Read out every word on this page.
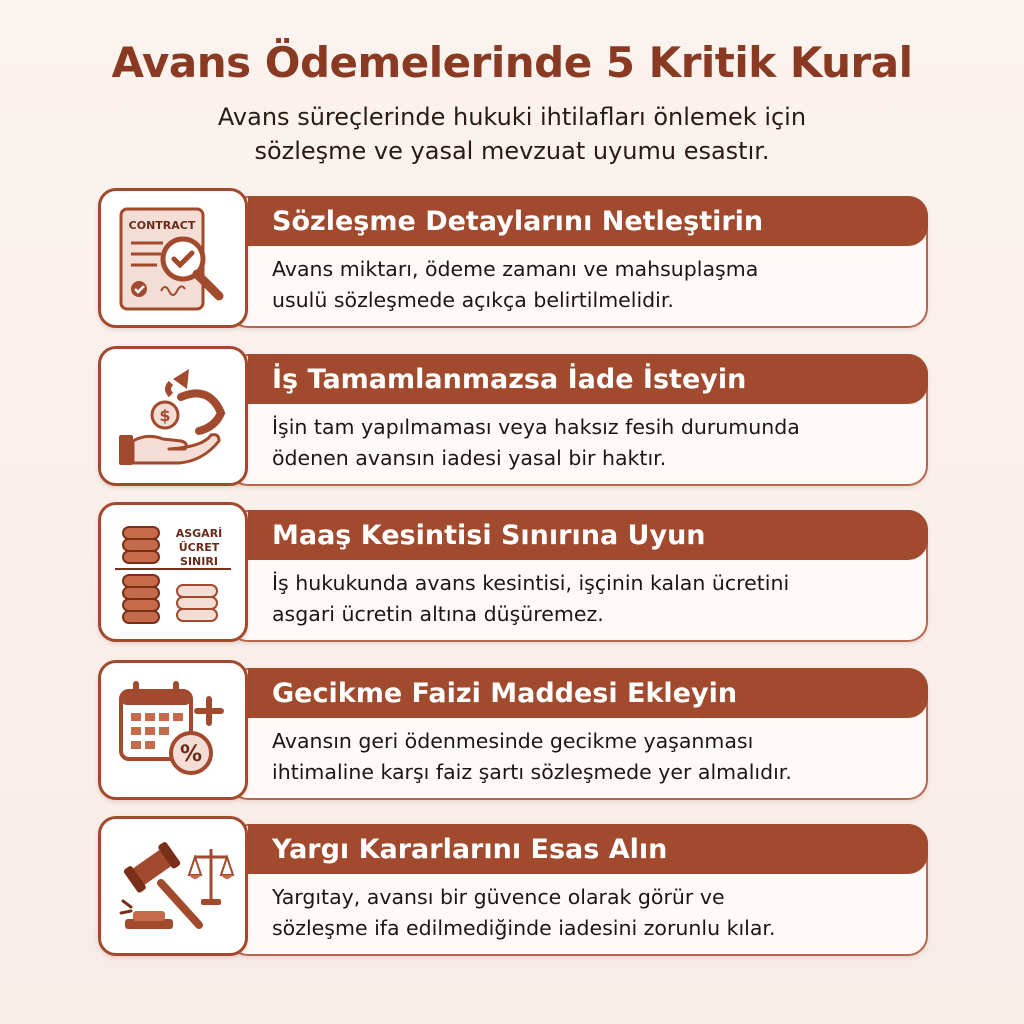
Avans Ödemelerinde 5 Kritik Kural
Avans süreçlerinde hukuki ihtilafları önlemek için
sözleşme ve yasal mevzuat uyumu esastır.
Sözleşme Detaylarını Netleştirin
Avans miktarı, ödeme zamanı ve mahsuplaşma
usulü sözleşmede açıkça belirtilmelidir.
CONTRACT
İş Tamamlanmazsa İade İsteyin
İşin tam yapılmaması veya haksız fesih durumunda
ödenen avansın iadesi yasal bir haktır.
$
Maaş Kesintisi Sınırına Uyun
İş hukukunda avans kesintisi, işçinin kalan ücretini
asgari ücretin altına düşüremez.
ASGARİ
ÜCRET
SINIRI
Gecikme Faizi Maddesi Ekleyin
Avansın geri ödenmesinde gecikme yaşanması
ihtimaline karşı faiz şartı sözleşmede yer almalıdır.
%
Yargı Kararlarını Esas Alın
Yargıtay, avansı bir güvence olarak görür ve
sözleşme ifa edilmediğinde iadesini zorunlu kılar.
